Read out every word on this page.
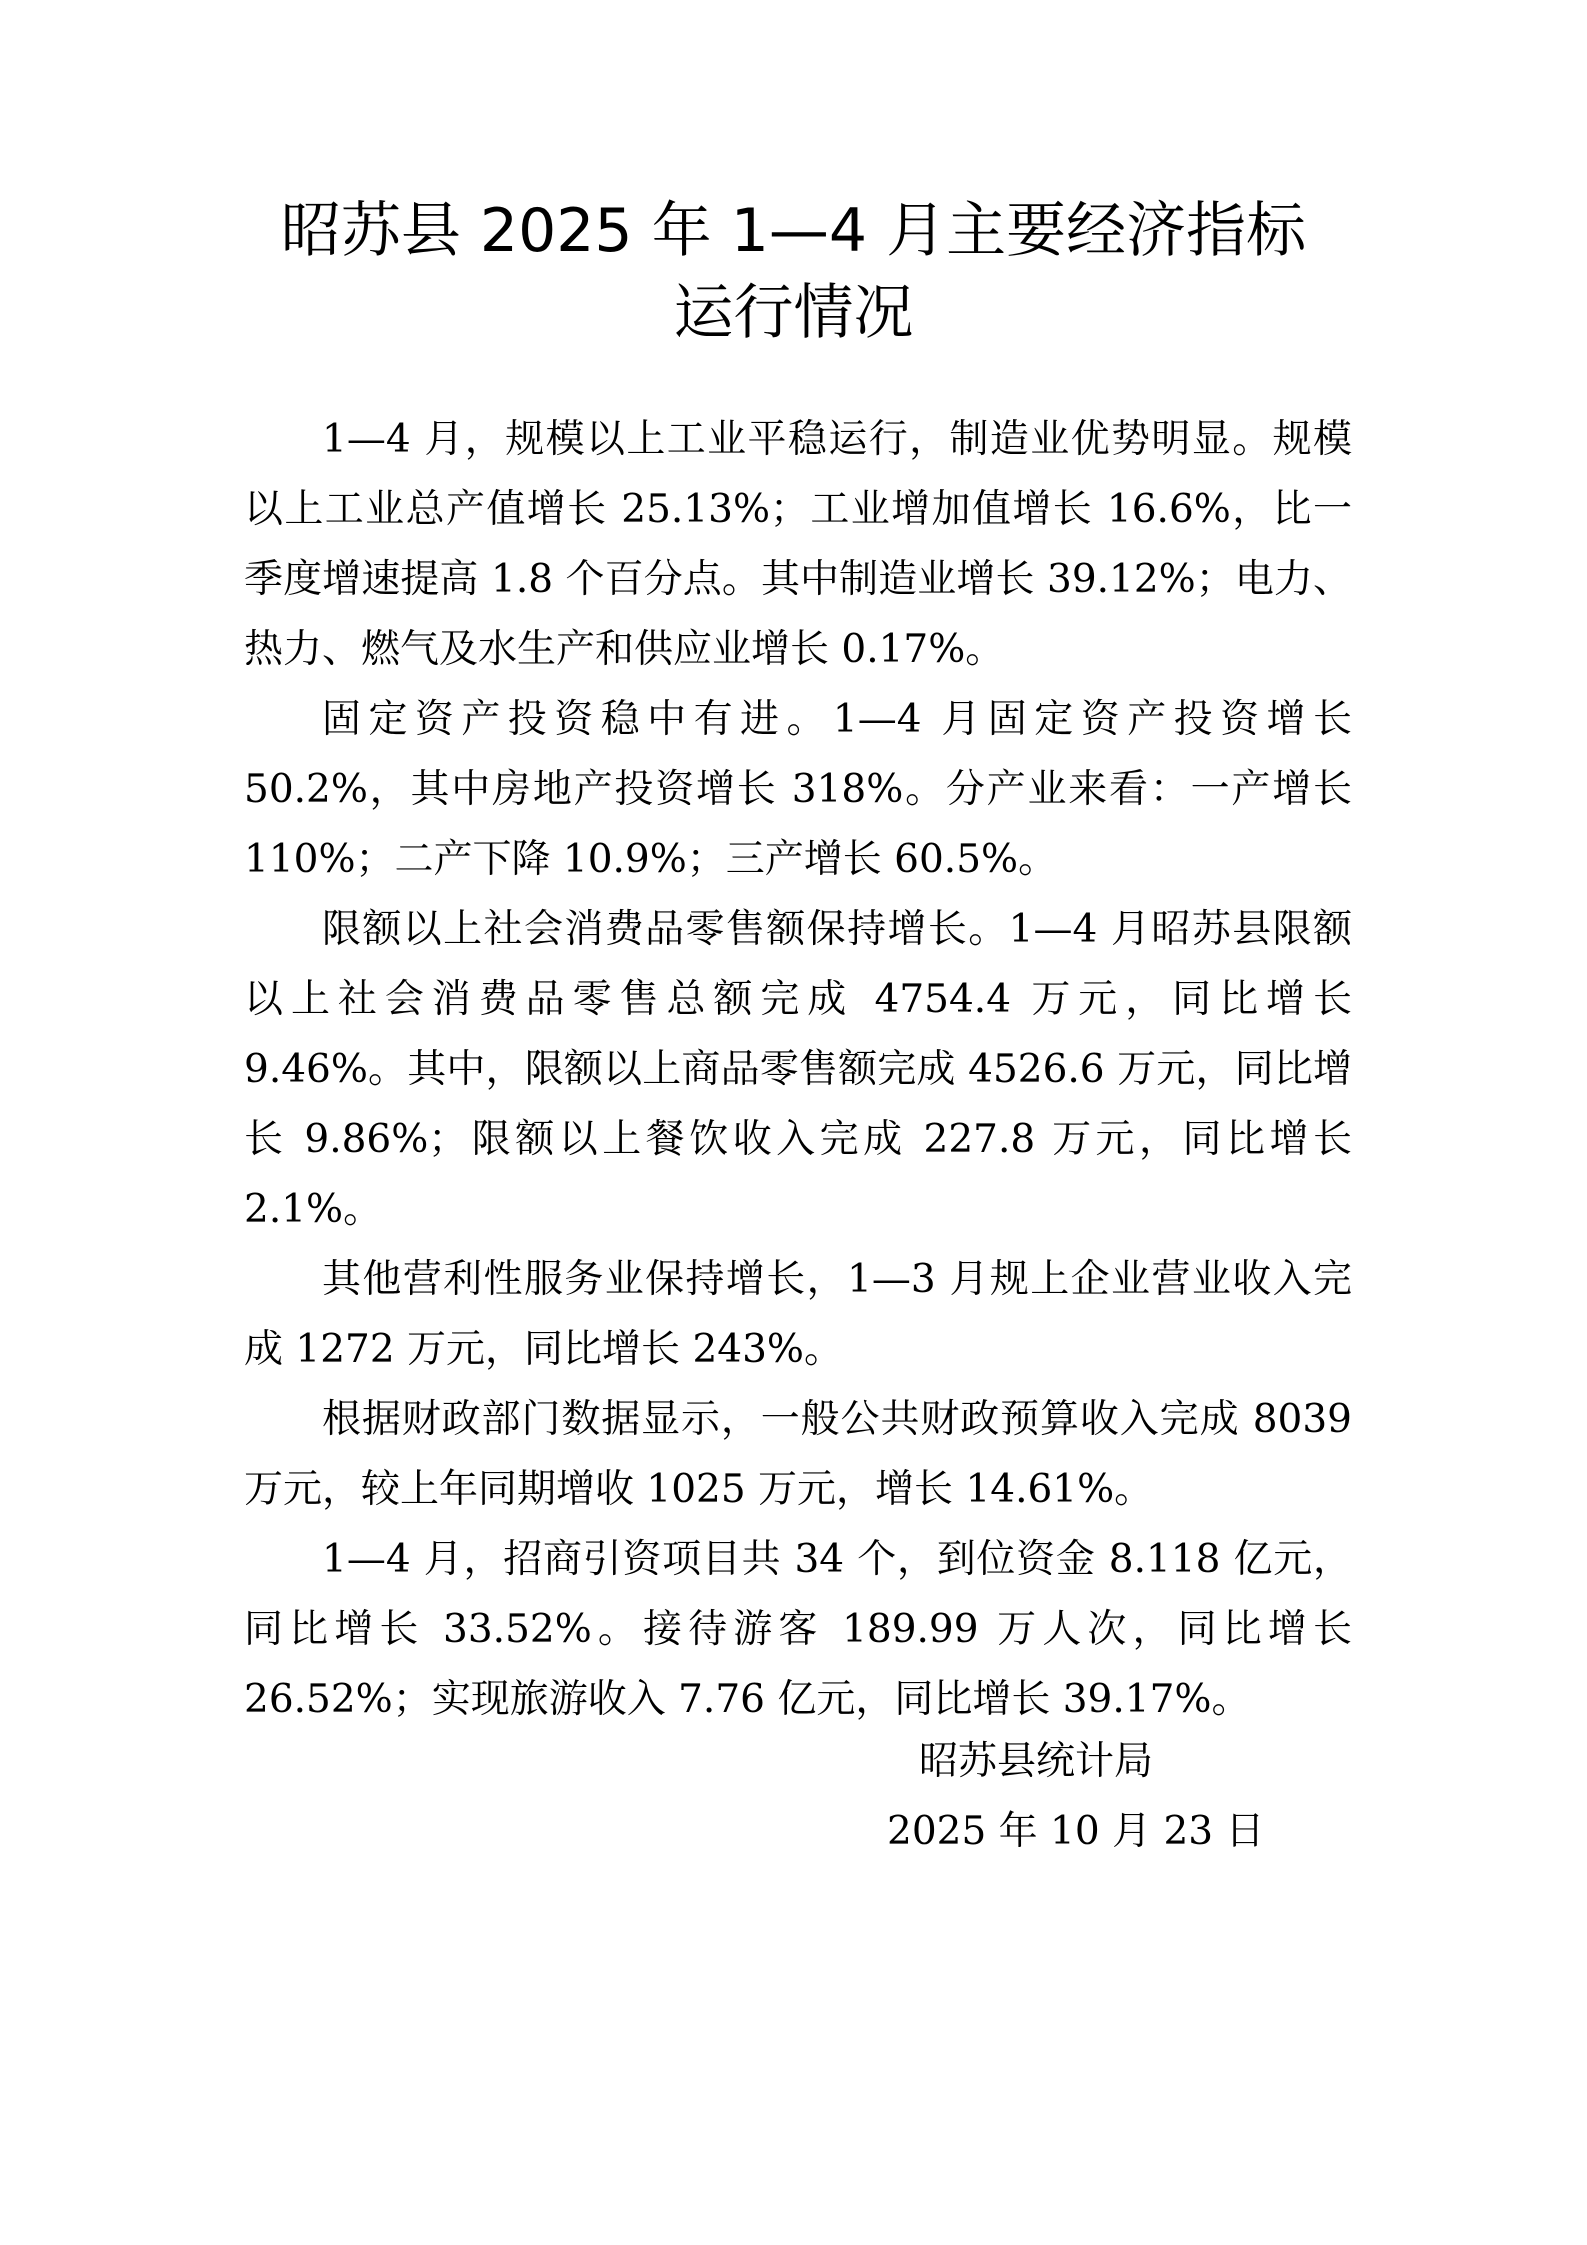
昭苏县 2025 年 1—4 月主要经济指标
运行情况

1—4 月，规模以上工业平稳运行，制造业优势明显。规模以上工业总产值增长 25.13%；工业增加值增长 16.6%，比一季度增速提高 1.8 个百分点。其中制造业增长 39.12%；电力、热力、燃气及水生产和供应业增长 0.17%。

固定资产投资稳中有进。1—4 月固定资产投资增长 50.2%，其中房地产投资增长 318%。分产业来看：一产增长 110%；二产下降 10.9%；三产增长 60.5%。

限额以上社会消费品零售额保持增长。1—4 月昭苏县限额以上社会消费品零售总额完成 4754.4 万元，同比增长 9.46%。其中，限额以上商品零售额完成 4526.6 万元，同比增长 9.86%；限额以上餐饮收入完成 227.8 万元，同比增长 2.1%。

其他营利性服务业保持增长，1—3 月规上企业营业收入完成 1272 万元，同比增长 243%。

根据财政部门数据显示，一般公共财政预算收入完成 8039 万元，较上年同期增收 1025 万元，增长 14.61%。

1—4 月，招商引资项目共 34 个，到位资金 8.118 亿元，同比增长 33.52%。接待游客 189.99 万人次，同比增长 26.52%；实现旅游收入 7.76 亿元，同比增长 39.17%。

昭苏县统计局
2025 年 10 月 23 日
